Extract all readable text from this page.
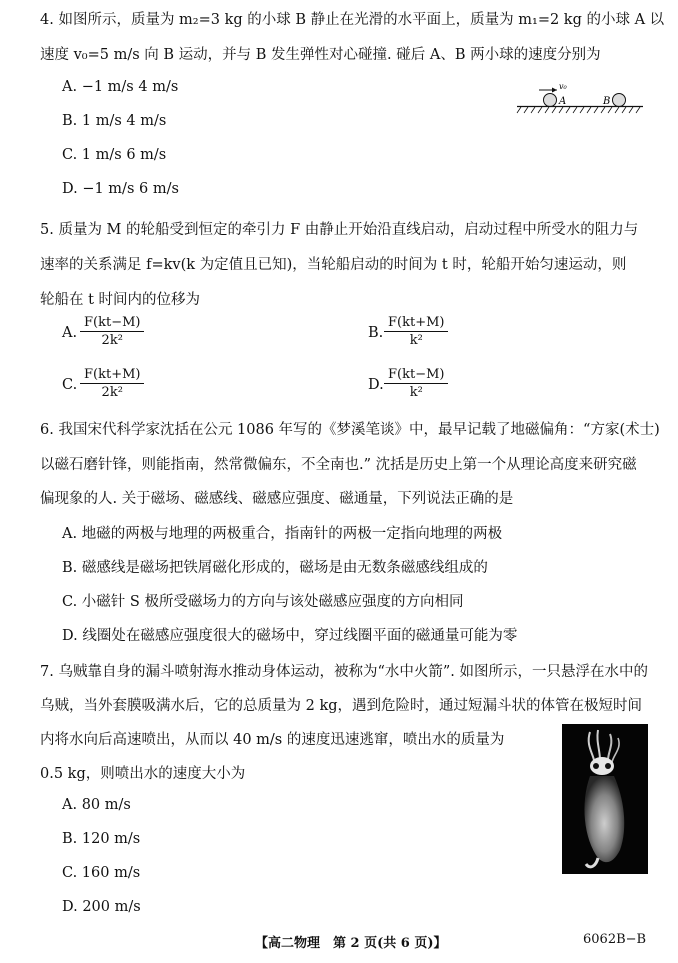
4. 如图所示，质量为 m₂=3 kg 的小球 B 静止在光滑的水平面上，质量为 m₁=2 kg 的小球 A 以
速度 v₀=5 m/s 向 B 运动，并与 B 发生弹性对心碰撞. 碰后 A、B 两小球的速度分别为
A. −1 m/s 4 m/s
B. 1 m/s 4 m/s
C. 1 m/s 6 m/s
D. −1 m/s 6 m/s
v₀
A	B
5. 质量为 M 的轮船受到恒定的牵引力 F 由静止开始沿直线启动，启动过程中所受水的阻力与
速率的关系满足 f=kv(k 为定值且已知)，当轮船启动的时间为 t 时，轮船开始匀速运动，则
轮船在 t 时间内的位移为
A. $\frac{F(kt-M)}{\text{2k²}}$	B. $\frac{F(kt+M)}{\text{k²}}$
C. $\frac{F(kt+M)}{\text{2k²}}$	D. $\frac{F(kt-M)}{\text{k²}}$
6. 我国宋代科学家沈括在公元 1086 年写的《梦溪笔谈》中，最早记载了地磁偏角：“方家(术士)
以磁石磨针锋，则能指南，然常微偏东，不全南也.” 沈括是历史上第一个从理论高度来研究磁
偏现象的人. 关于磁场、磁感线、磁感应强度、磁通量，下列说法正确的是
A. 地磁的两极与地理的两极重合，指南针的两极一定指向地理的两极
B. 磁感线是磁场把铁屑磁化形成的，磁场是由无数条磁感线组成的
C. 小磁针 S 极所受磁场力的方向与该处磁感应强度的方向相同
D. 线圈处在磁感应强度很大的磁场中，穿过线圈平面的磁通量可能为零
7. 乌贼靠自身的漏斗喷射海水推动身体运动，被称为“水中火箭”. 如图所示，一只悬浮在水中的
乌贼，当外套膜吸满水后，它的总质量为 2 kg，遇到危险时，通过短漏斗状的体管在极短时间
内将水向后高速喷出，从而以 40 m/s 的速度迅速逃窜，喷出水的质量为
0.5 kg，则喷出水的速度大小为
A. 80 m/s
B. 120 m/s
C. 160 m/s
D. 200 m/s
【高二物理　第 2 页(共 6 页)】	6062B−B
